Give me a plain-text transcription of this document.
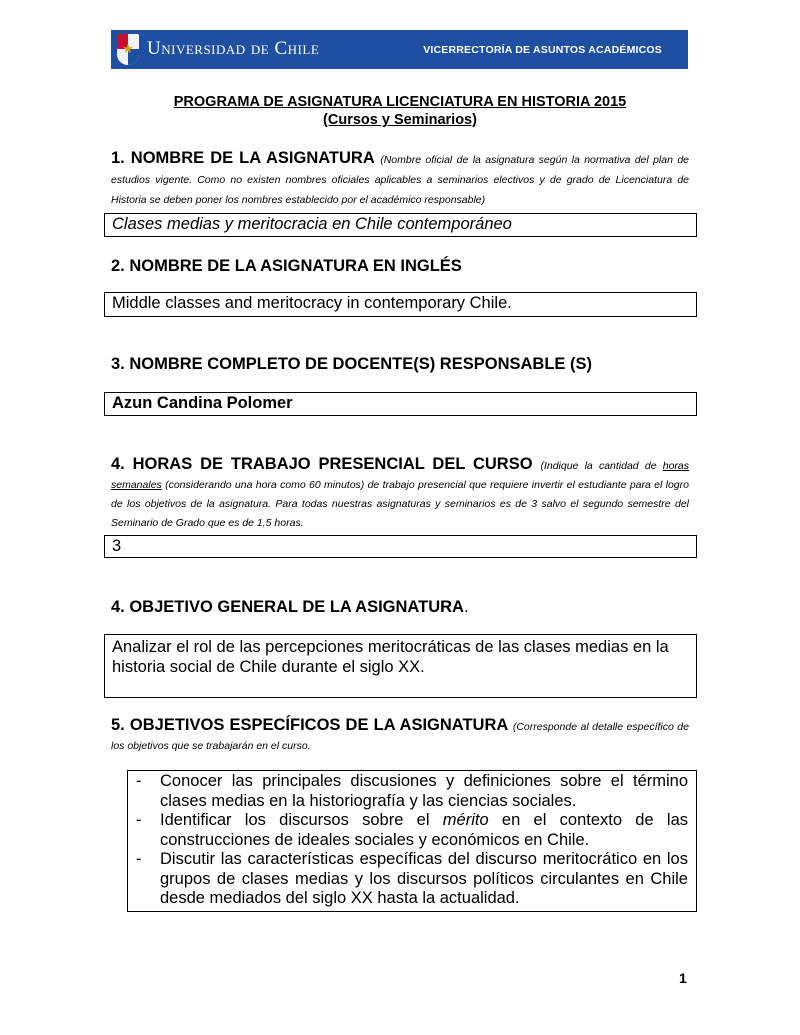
★ Universidad de Chile	VICERRECTORÍA DE ASUNTOS ACADÉMICOS
PROGRAMA DE ASIGNATURA LICENCIATURA EN HISTORIA 2015
(Cursos y Seminarios)
1. NOMBRE DE LA ASIGNATURA (Nombre oficial de la asignatura según la normativa del plan de estudios vigente. Como no existen nombres oficiales aplicables a seminarios electivos y de grado de Licenciatura de Historia se deben poner los nombres establecido por el académico responsable)
Clases medias y meritocracia en Chile contemporáneo
2. NOMBRE DE LA ASIGNATURA EN INGLÉS
Middle classes and meritocracy in contemporary Chile.
3. NOMBRE COMPLETO DE DOCENTE(S) RESPONSABLE (S)
Azun Candina Polomer
4. HORAS DE TRABAJO PRESENCIAL DEL CURSO (Indique la cantidad de horas semanales (considerando una hora como 60 minutos) de trabajo presencial que requiere invertir el estudiante para el logro de los objetivos de la asignatura. Para todas nuestras asignaturas y seminarios es de 3 salvo el segundo semestre del Seminario de Grado que es de 1,5 horas.
3
4. OBJETIVO GENERAL DE LA ASIGNATURA.
Analizar el rol de las percepciones meritocráticas de las clases medias en la historia social de Chile durante el siglo XX.
5. OBJETIVOS ESPECÍFICOS DE LA ASIGNATURA (Corresponde al detalle específico de los objetivos que se trabajarán en el curso.
- Conocer las principales discusiones y definiciones sobre el término clases medias en la historiografía y las ciencias sociales.
- Identificar los discursos sobre el mérito en el contexto de las construcciones de ideales sociales y económicos en Chile.
- Discutir las características específicas del discurso meritocrático en los grupos de clases medias y los discursos políticos circulantes en Chile desde mediados del siglo XX hasta la actualidad.
1
